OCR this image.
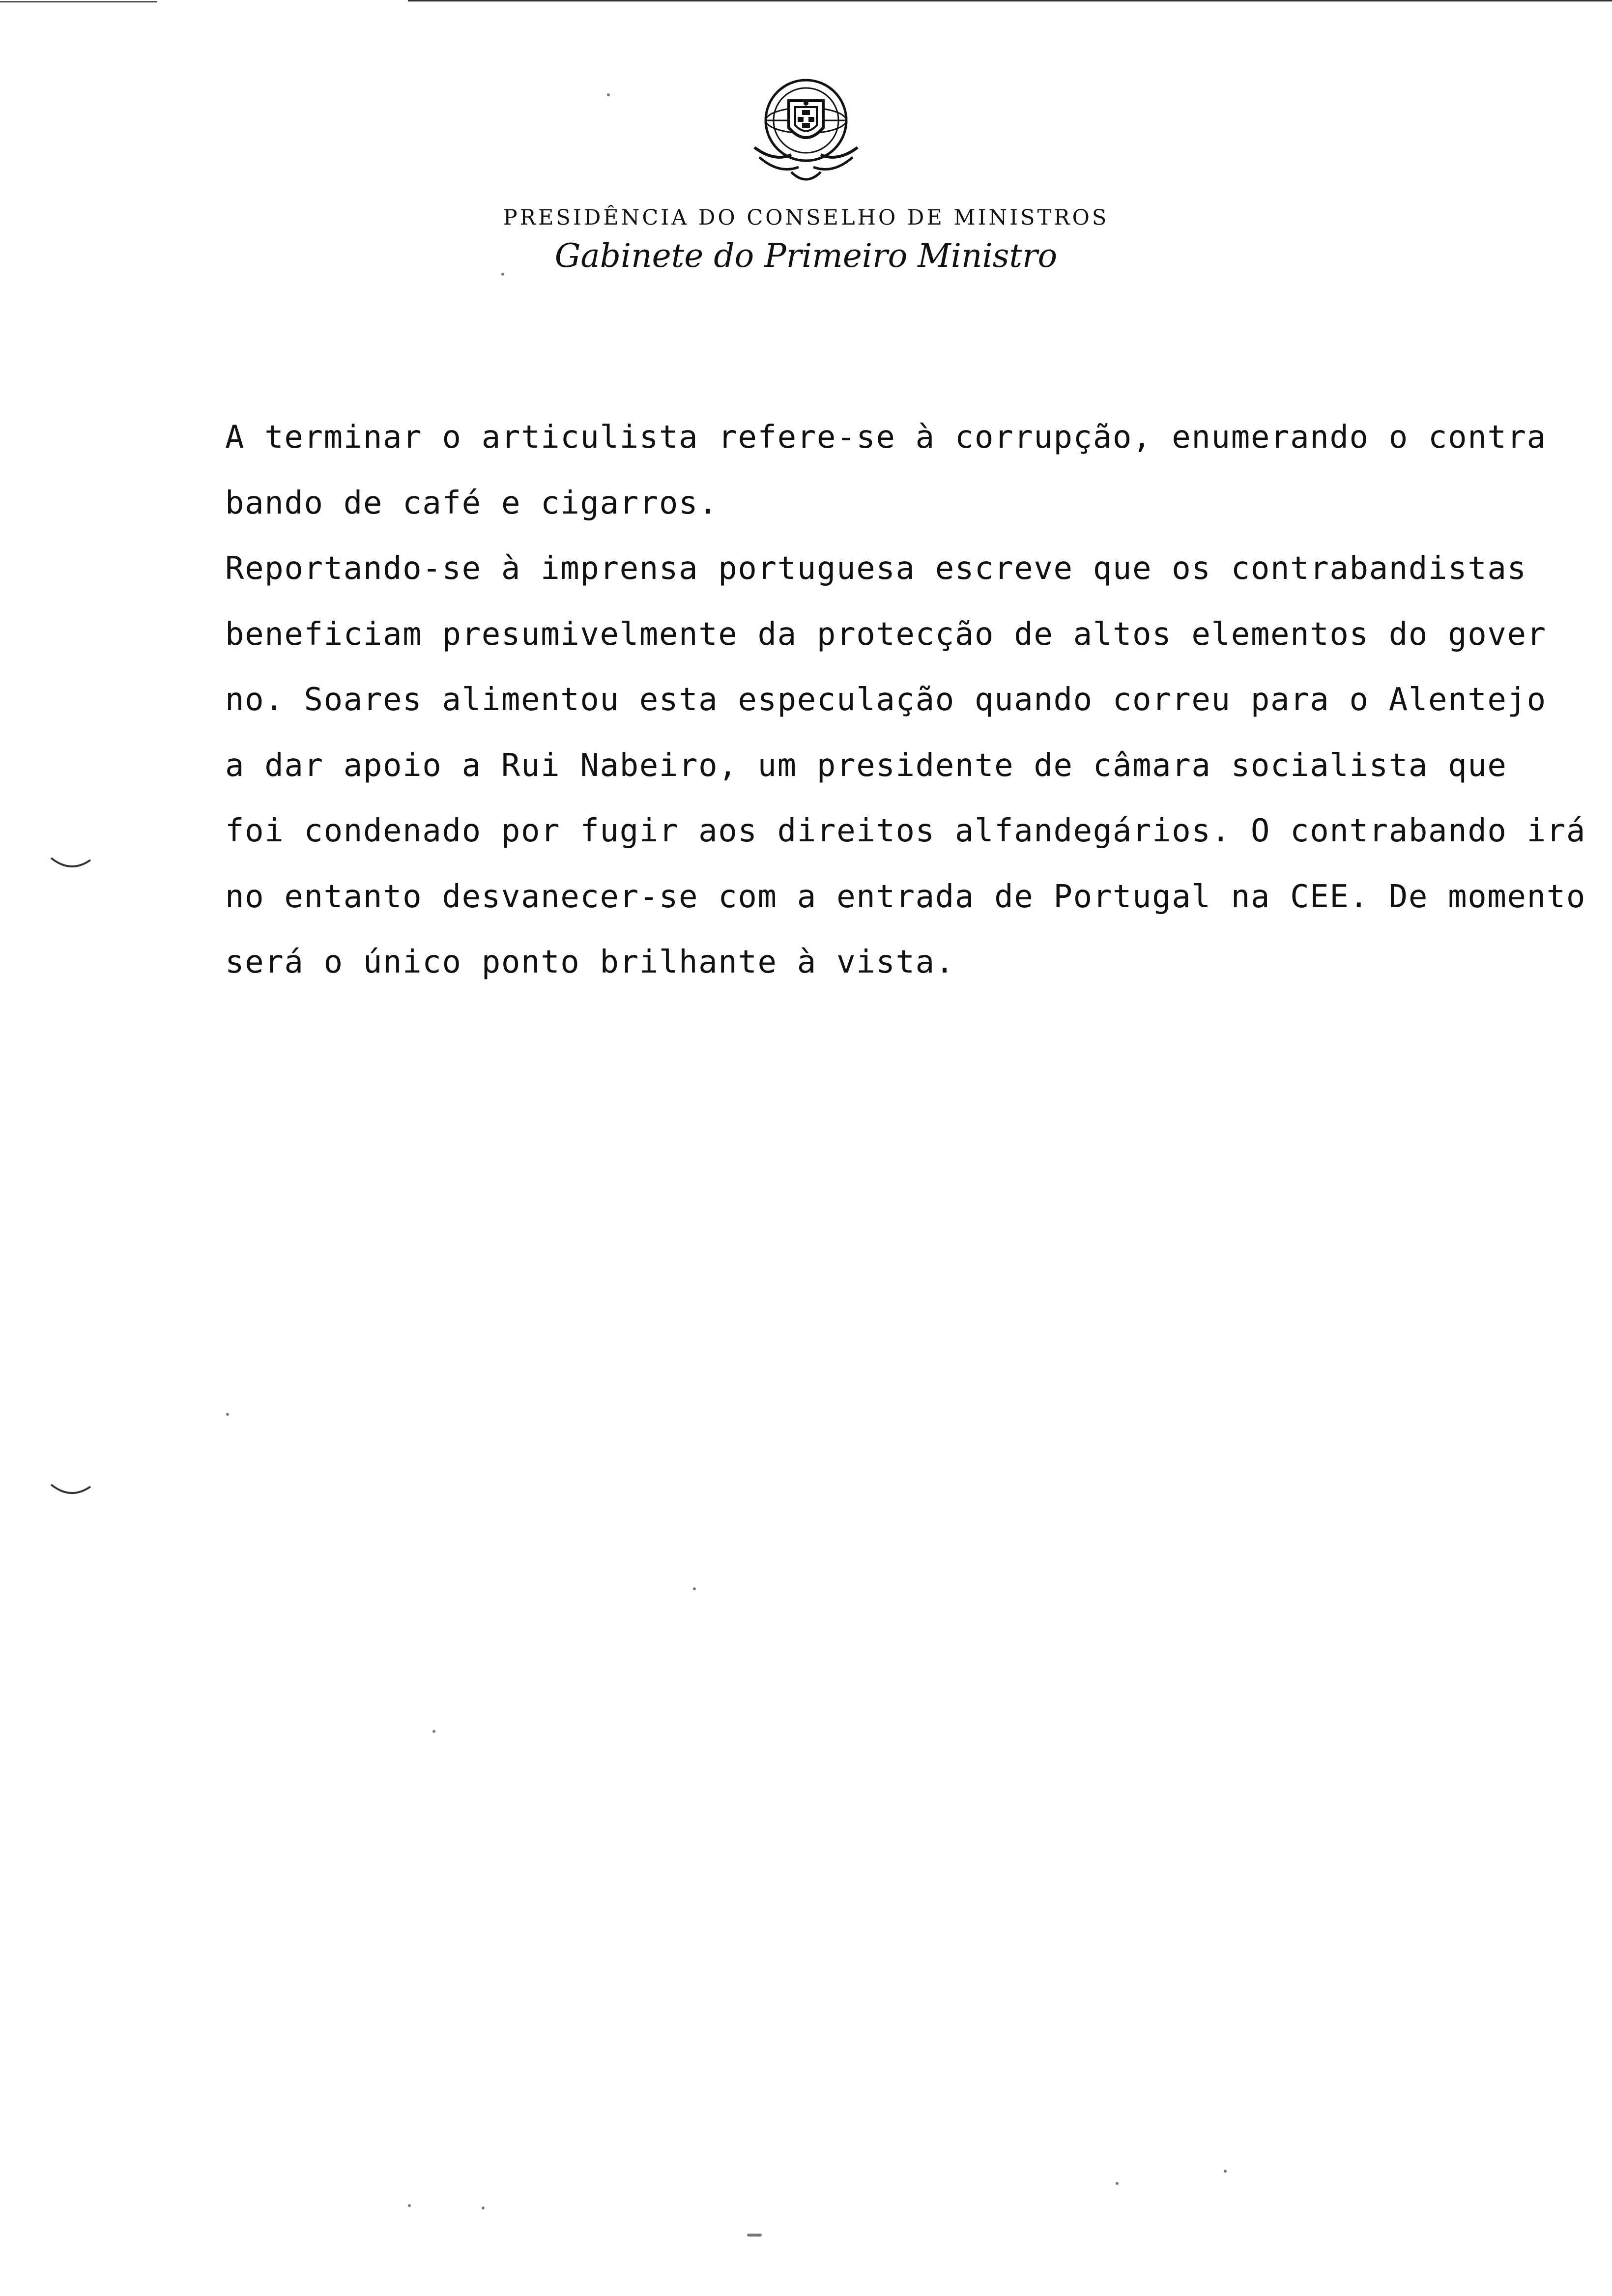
PRESIDÊNCIA DO CONSELHO DE MINISTROS
Gabinete do Primeiro Ministro
A terminar o articulista refere-se à corrupção, enumerando o contra
bando de café e cigarros.
Reportando-se à imprensa portuguesa escreve que os contrabandistas
beneficiam presumivelmente da protecção de altos elementos do gover
no. Soares alimentou esta especulação quando correu para o Alentejo
a dar apoio a Rui Nabeiro, um presidente de câmara socialista que
foi condenado por fugir aos direitos alfandegários. O contrabando irá
no entanto desvanecer-se com a entrada de Portugal na CEE. De momento
será o único ponto brilhante à vista.
